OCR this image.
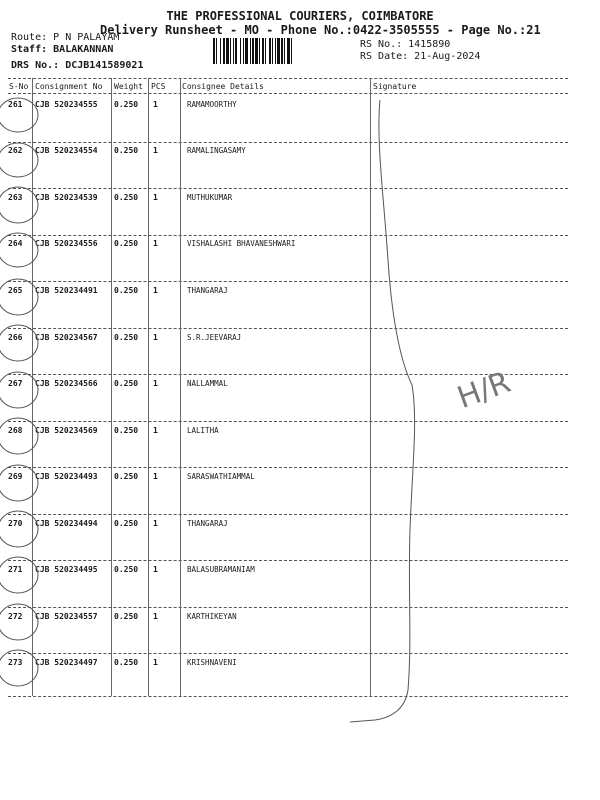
THE PROFESSIONAL COURIERS, COIMBATORE
Delivery Runsheet - MO - Phone No.:0422-3505555 - Page No.:21
Route: P N PALAYAM
Staff: BALAKANNAN
DRS No.: DCJB141589021
RS No.: 1415890
RS Date: 21-Aug-2024
S-No Consignment No Weight PCS Consignee Details	Signature
261 CJB 520234555 0.250 1	RAMAMOORTHY
262 CJB 520234554 0.250 1	RAMALINGASAMY
263 CJB 520234539 0.250 1	MUTHUKUMAR
264 CJB 520234556 0.250 1	VISHALASHI BHAVANESHWARI
265 CJB 520234491 0.250 1	THANGARAJ
266 CJB 520234567 0.250 1	S.R.JEEVARAJ
267 CJB 520234566 0.250 1	NALLAMMAL
268 CJB 520234569 0.250 1	LALITHA
269 CJB 520234493 0.250 1	SARASWATHIAMMAL
270 CJB 520234494 0.250 1	THANGARAJ
271 CJB 520234495 0.250 1	BALASUBRAMANIAM
272 CJB 520234557 0.250 1	KARTHIKEYAN
273 CJB 520234497 0.250 1	KRISHNAVENI
H/R
